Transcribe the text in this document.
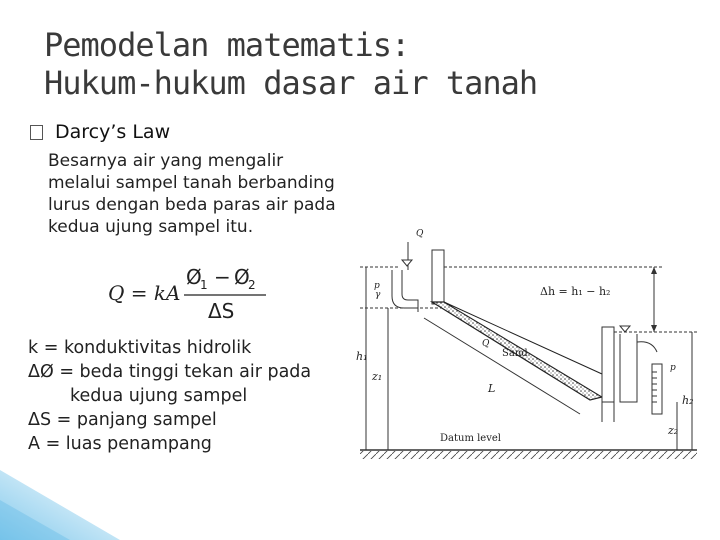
Pemodelan matematis:
Hukum-hukum dasar air tanah
Darcy’s Law
Besarnya air yang mengalir
melalui sampel tanah berbanding
lurus dengan beda paras air pada
kedua ujung sampel itu.
Q = kA
Ø
1 − Ø
2
ΔS
k = konduktivitas hidrolik
ΔØ = beda tinggi tekan air pada
kedua ujung sampel
ΔS = panjang sampel
A = luas penampang
Δh = h₁ − h₂
h₁
z₁
h₂
z₂
L
Sand
Datum level
p
γ
p
Q
Q
